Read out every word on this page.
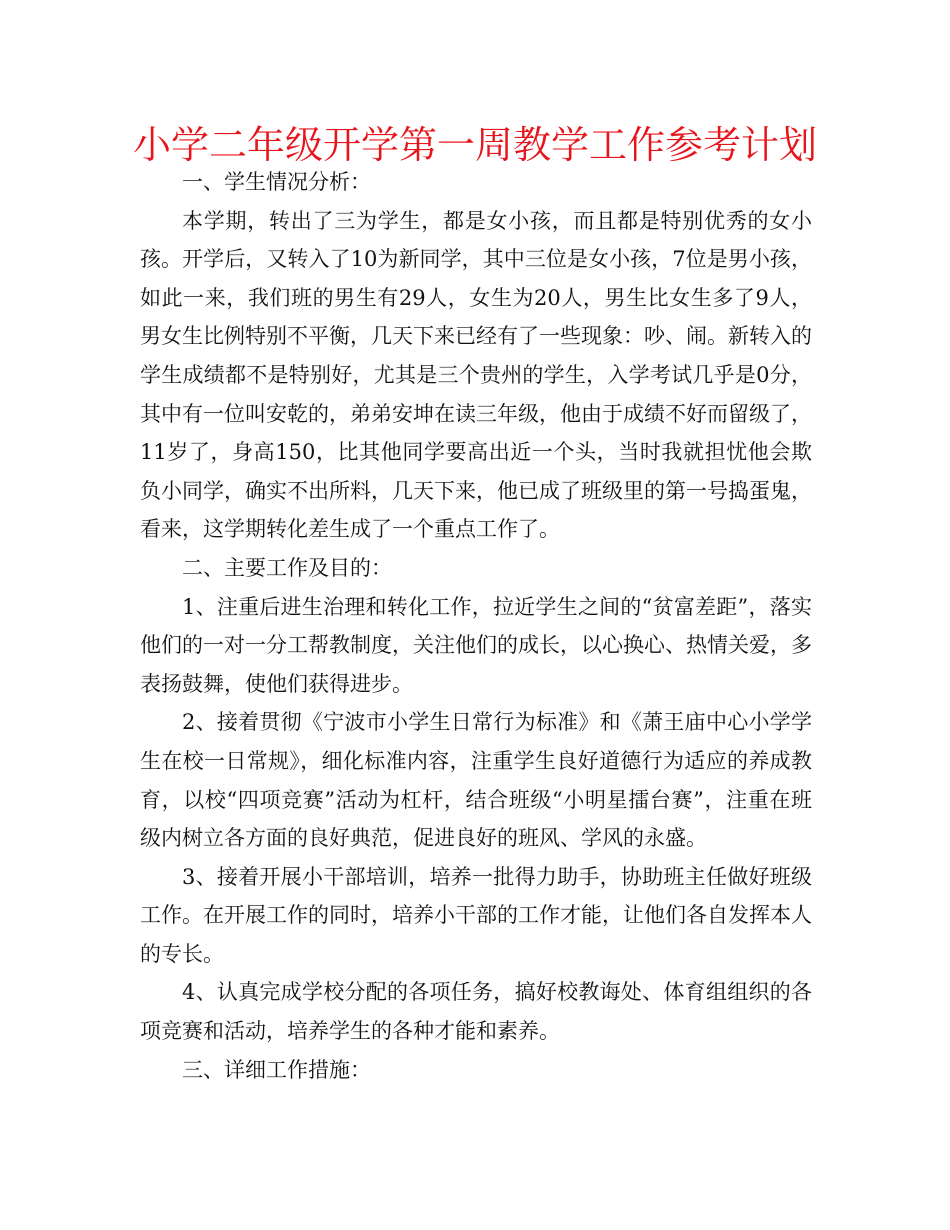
小学二年级开学第一周教学工作参考计划

一、学生情况分析：

本学期，转出了三为学生，都是女小孩，而且都是特别优秀的女小孩。开学后，又转入了10为新同学，其中三位是女小孩，7位是男小孩，如此一来，我们班的男生有29人，女生为20人，男生比女生多了9人，男女生比例特别不平衡，几天下来已经有了一些现象：吵、闹。新转入的学生成绩都不是特别好，尤其是三个贵州的学生，入学考试几乎是0分，其中有一位叫安乾的，弟弟安坤在读三年级，他由于成绩不好而留级了，11岁了，身高150，比其他同学要高出近一个头，当时我就担忧他会欺负小同学，确实不出所料，几天下来，他已成了班级里的第一号捣蛋鬼，看来，这学期转化差生成了一个重点工作了。

二、主要工作及目的：

1、注重后进生治理和转化工作，拉近学生之间的“贫富差距”，落实他们的一对一分工帮教制度，关注他们的成长，以心换心、热情关爱，多表扬鼓舞，使他们获得进步。

2、接着贯彻《宁波市小学生日常行为标准》和《萧王庙中心小学学生在校一日常规》，细化标准内容，注重学生良好道德行为适应的养成教育，以校“四项竞赛”活动为杠杆，结合班级“小明星擂台赛”，注重在班级内树立各方面的良好典范，促进良好的班风、学风的永盛。

3、接着开展小干部培训，培养一批得力助手，协助班主任做好班级工作。在开展工作的同时，培养小干部的工作才能，让他们各自发挥本人的专长。

4、认真完成学校分配的各项任务，搞好校教诲处、体育组组织的各项竞赛和活动，培养学生的各种才能和素养。

三、详细工作措施：
